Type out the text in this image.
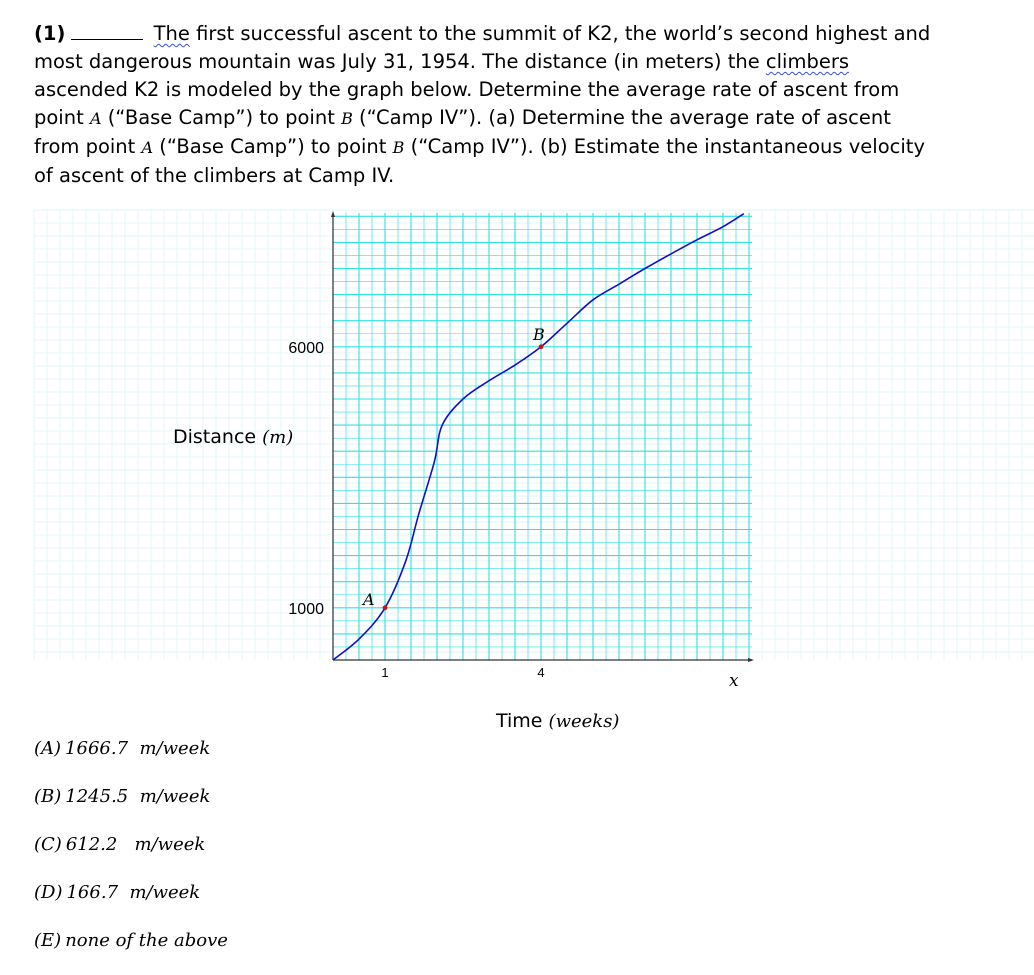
(1)	The first successful ascent to the summit of K2, the world’s second highest and
most dangerous mountain was July 31, 1954. The distance (in meters) the climbers
ascended K2 is modeled by the graph below. Determine the average rate of ascent from
point A (“Base Camp”) to point B (“Camp IV”). (a) Determine the average rate of ascent
from point A (“Base Camp”) to point B (“Camp IV”). (b) Estimate the instantaneous velocity
of ascent of the climbers at Camp IV.

A
B
1	4
1000
6000
Distance (m)
Time (weeks)
x
(A) 1666.7  m/week
(B) 1245.5  m/week
(C) 612.2   m/week
(D) 166.7  m/week
(E) none of the above
